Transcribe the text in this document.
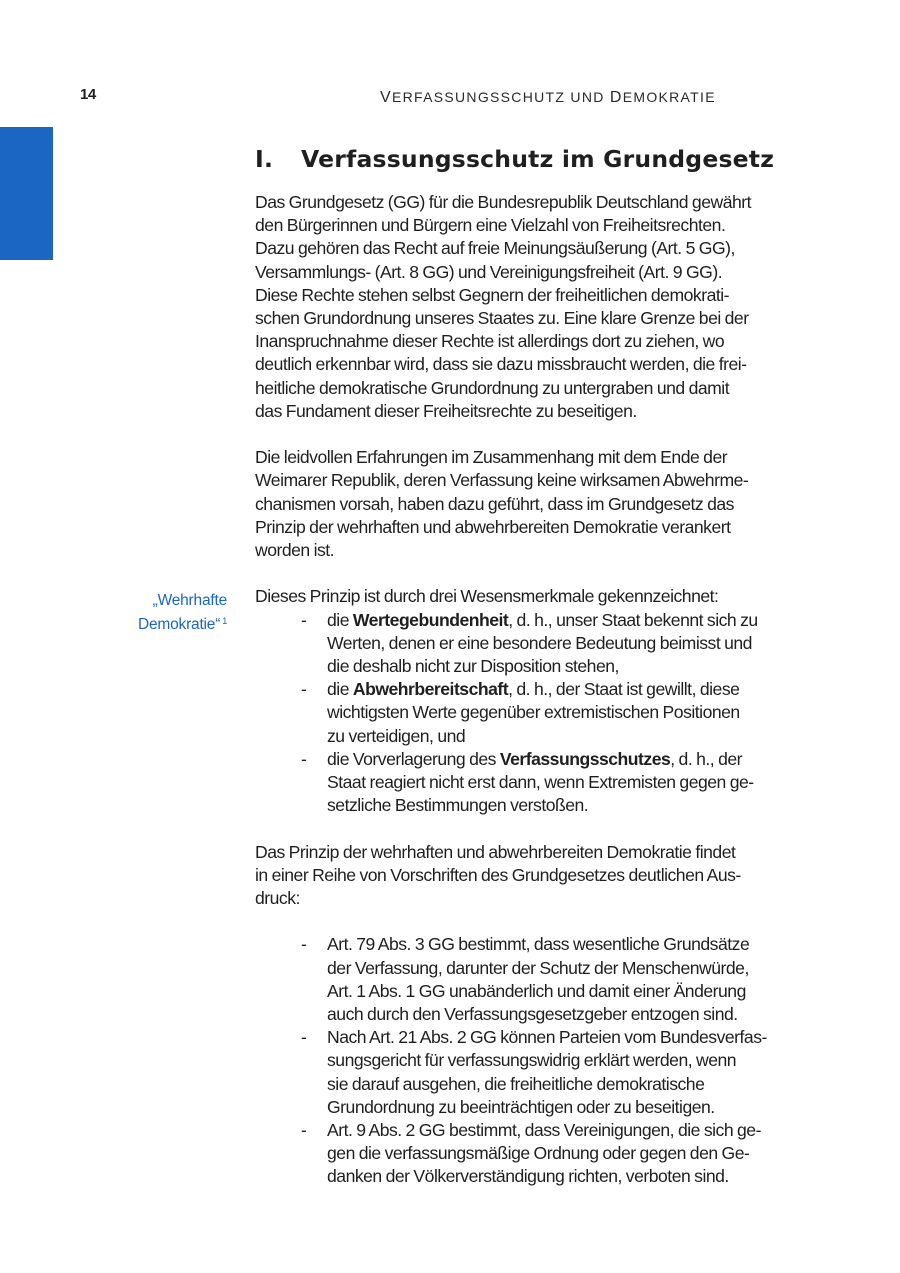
14	VERFASSUNGSSCHUTZ UND DEMOKRATIE
I. Verfassungsschutz im Grundgesetz
„Wehrhafte
Demokratie“ $^1$

Das Grundgesetz (GG) für die Bundesrepublik Deutschland gewährt
den Bürgerinnen und Bürgern eine Vielzahl von Freiheitsrechten.
Dazu gehören das Recht auf freie Meinungsäußerung (Art. 5 GG),
Versammlungs- (Art. 8 GG) und Vereinigungsfreiheit (Art. 9 GG).
Diese Rechte stehen selbst Gegnern der freiheitlichen demokrati-
schen Grundordnung unseres Staates zu. Eine klare Grenze bei der
Inanspruchnahme dieser Rechte ist allerdings dort zu ziehen, wo
deutlich erkennbar wird, dass sie dazu missbraucht werden, die frei-
heitliche demokratische Grundordnung zu untergraben und damit
das Fundament dieser Freiheitsrechte zu beseitigen.

Die leidvollen Erfahrungen im Zusammenhang mit dem Ende der
Weimarer Republik, deren Verfassung keine wirksamen Abwehrme-
chanismen vorsah, haben dazu geführt, dass im Grundgesetz das
Prinzip der wehrhaften und abwehrbereiten Demokratie verankert
worden ist.

Dieses Prinzip ist durch drei Wesensmerkmale gekennzeichnet:

- die Wertegebundenheit, d. h., unser Staat bekennt sich zu
Werten, denen er eine besondere Bedeutung beimisst und
die deshalb nicht zur Disposition stehen,
- die Abwehrbereitschaft, d. h., der Staat ist gewillt, diese
wichtigsten Werte gegenüber extremistischen Positionen
zu verteidigen, und
- die Vorverlagerung des Verfassungsschutzes, d. h., der
Staat reagiert nicht erst dann, wenn Extremisten gegen ge-
setzliche Bestimmungen verstoßen.

Das Prinzip der wehrhaften und abwehrbereiten Demokratie findet
in einer Reihe von Vorschriften des Grundgesetzes deutlichen Aus-
druck:

- Art. 79 Abs. 3 GG bestimmt, dass wesentliche Grundsätze
der Verfassung, darunter der Schutz der Menschenwürde,
Art. 1 Abs. 1 GG unabänderlich und damit einer Änderung
auch durch den Verfassungsgesetzgeber entzogen sind.
- Nach Art. 21 Abs. 2 GG können Parteien vom Bundesverfas-
sungsgericht für verfassungswidrig erklärt werden, wenn
sie darauf ausgehen, die freiheitliche demokratische
Grundordnung zu beeinträchtigen oder zu beseitigen.
- Art. 9 Abs. 2 GG bestimmt, dass Vereinigungen, die sich ge-
gen die verfassungsmäßige Ordnung oder gegen den Ge-
danken der Völkerverständigung richten, verboten sind.
